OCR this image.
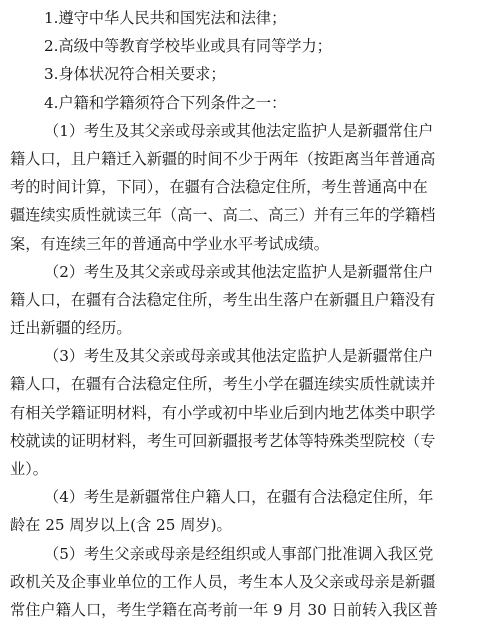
1.遵守中华人民共和国宪法和法律；
2.高级中等教育学校毕业或具有同等学力；
3.身体状况符合相关要求；
4.户籍和学籍须符合下列条件之一：
（1）考生及其父亲或母亲或其他法定监护人是新疆常住户
籍人口，且户籍迁入新疆的时间不少于两年（按距离当年普通高
考的时间计算，下同），在疆有合法稳定住所，考生普通高中在
疆连续实质性就读三年（高一、高二、高三）并有三年的学籍档
案，有连续三年的普通高中学业水平考试成绩。
（2）考生及其父亲或母亲或其他法定监护人是新疆常住户
籍人口，在疆有合法稳定住所，考生出生落户在新疆且户籍没有
迁出新疆的经历。
（3）考生及其父亲或母亲或其他法定监护人是新疆常住户
籍人口，在疆有合法稳定住所，考生小学在疆连续实质性就读并
有相关学籍证明材料，有小学或初中毕业后到内地艺体类中职学
校就读的证明材料，考生可回新疆报考艺体等特殊类型院校（专
业）。
（4）考生是新疆常住户籍人口，在疆有合法稳定住所，年
龄在 25 周岁以上(含 25 周岁)。
（5）考生父亲或母亲是经组织或人事部门批准调入我区党
政机关及企事业单位的工作人员，考生本人及父亲或母亲是新疆
常住户籍人口，考生学籍在高考前一年 9 月 30 日前转入我区普
